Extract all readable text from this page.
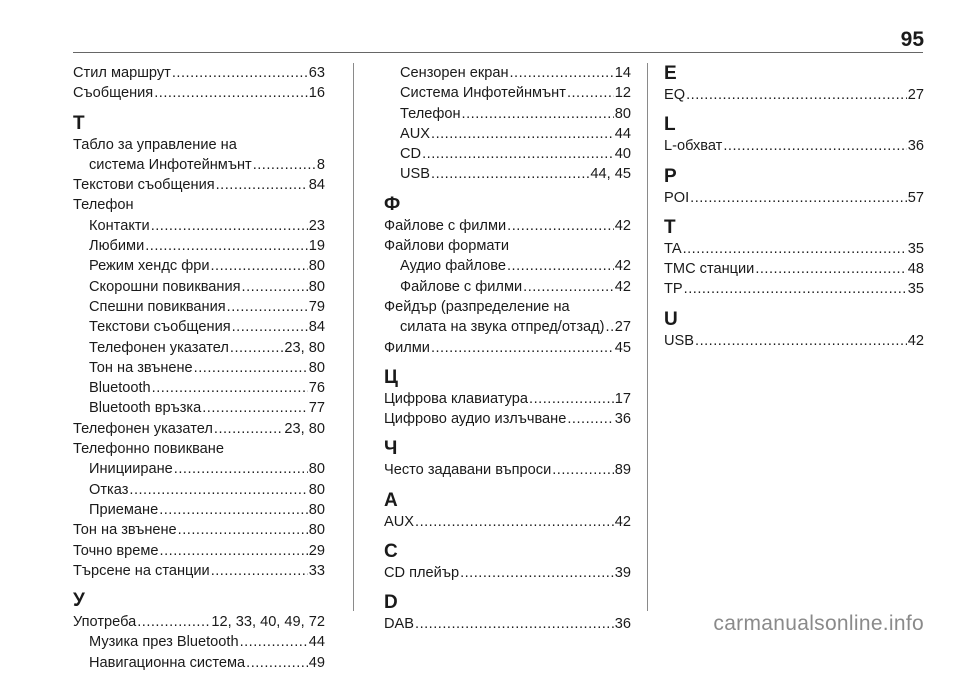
95
Стил маршрут .....	63
Съобщения .....	16
Т
Табло за управление на
система Инфотейнмънт .....	8
Текстови съобщения .....	84
Телефон
Контакти .....	23
Любими .....	19
Режим хендс фри .....	80
Скорошни повиквания .....	80
Спешни повиквания .....	79
Текстови съобщения .....	84
Телефонен указател .....	23, 80
Тон на звънене .....	80
Bluetooth .....	76
Bluetooth връзка .....	77
Телефонен указател .....	23, 80
Телефонно повикване
Иницииране .....	80
Отказ .....	80
Приемане .....	80
Тон на звънене .....	80
Точно време .....	29
Търсене на станции .....	33
У
Употреба .....	12, 33, 40, 49, 72
Музика през Bluetooth .....	44
Навигационна система .....	49
Сензорен екран .....	14
Система Инфотейнмънт .....	12
Телефон .....	80
AUX .....	44
CD .....	40
USB .....	44, 45
Ф
Файлове с филми .....	42
Файлови формати
Аудио файлове .....	42
Файлове с филми .....	42
Фейдър (разпределение на
силата на звука отпред/отзад) ..... 27
Филми .....	45
Ц
Цифрова клавиатура .....	17
Цифрово аудио излъчване .....	36
Ч
Често задавани въпроси .....	89
A
AUX .....	42
C
CD плейър .....	39
D
DAB .....	36
E
EQ .....	27
L
L-обхват .....	36
P
POI .....	57
T
TA .....	35
TMC станции .....	48
TP .....	35
U
USB .....	42
carmanualsonline.info
